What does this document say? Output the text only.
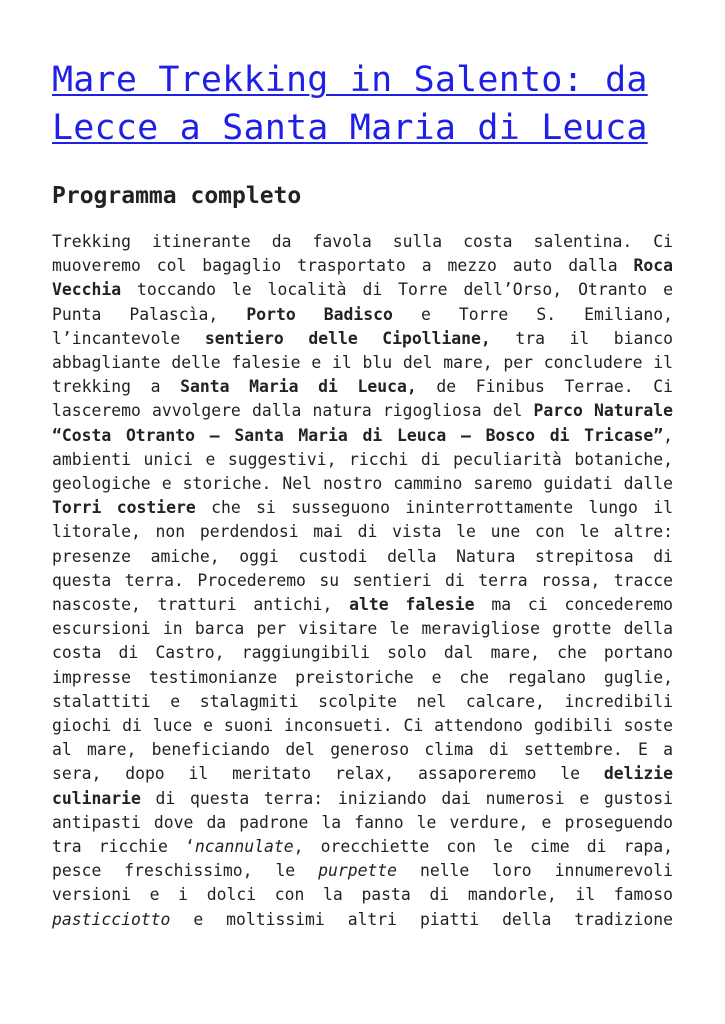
Mare Trekking in Salento: da
Lecce a Santa Maria di Leuca
Programma completo
Trekking itinerante da favola sulla costa salentina. Ci
muoveremo col bagaglio trasportato a mezzo auto dalla Roca
Vecchia toccando le località di Torre dell’Orso, Otranto e
Punta Palascìa, Porto Badisco e Torre S. Emiliano,
l’incantevole sentiero delle Cipolliane, tra il bianco
abbagliante delle falesie e il blu del mare, per concludere il
trekking a Santa Maria di Leuca, de Finibus Terrae. Ci
lasceremo avvolgere dalla natura rigogliosa del Parco Naturale
“Costa Otranto – Santa Maria di Leuca – Bosco di Tricase”,
ambienti unici e suggestivi, ricchi di peculiarità botaniche,
geologiche e storiche. Nel nostro cammino saremo guidati dalle
Torri costiere che si susseguono ininterrottamente lungo il
litorale, non perdendosi mai di vista le une con le altre:
presenze amiche, oggi custodi della Natura strepitosa di
questa terra. Procederemo su sentieri di terra rossa, tracce
nascoste, tratturi antichi, alte falesie ma ci concederemo
escursioni in barca per visitare le meravigliose grotte della
costa di Castro, raggiungibili solo dal mare, che portano
impresse testimonianze preistoriche e che regalano guglie,
stalattiti e stalagmiti scolpite nel calcare, incredibili
giochi di luce e suoni inconsueti. Ci attendono godibili soste
al mare, beneficiando del generoso clima di settembre. E a
sera, dopo il meritato relax, assaporeremo le delizie
culinarie di questa terra: iniziando dai numerosi e gustosi
antipasti dove da padrone la fanno le verdure, e proseguendo
tra ricchie ‘ncannulate, orecchiette con le cime di rapa,
pesce freschissimo, le purpette nelle loro innumerevoli
versioni e i dolci con la pasta di mandorle, il famoso
pasticciotto e moltissimi altri piatti della tradizione
